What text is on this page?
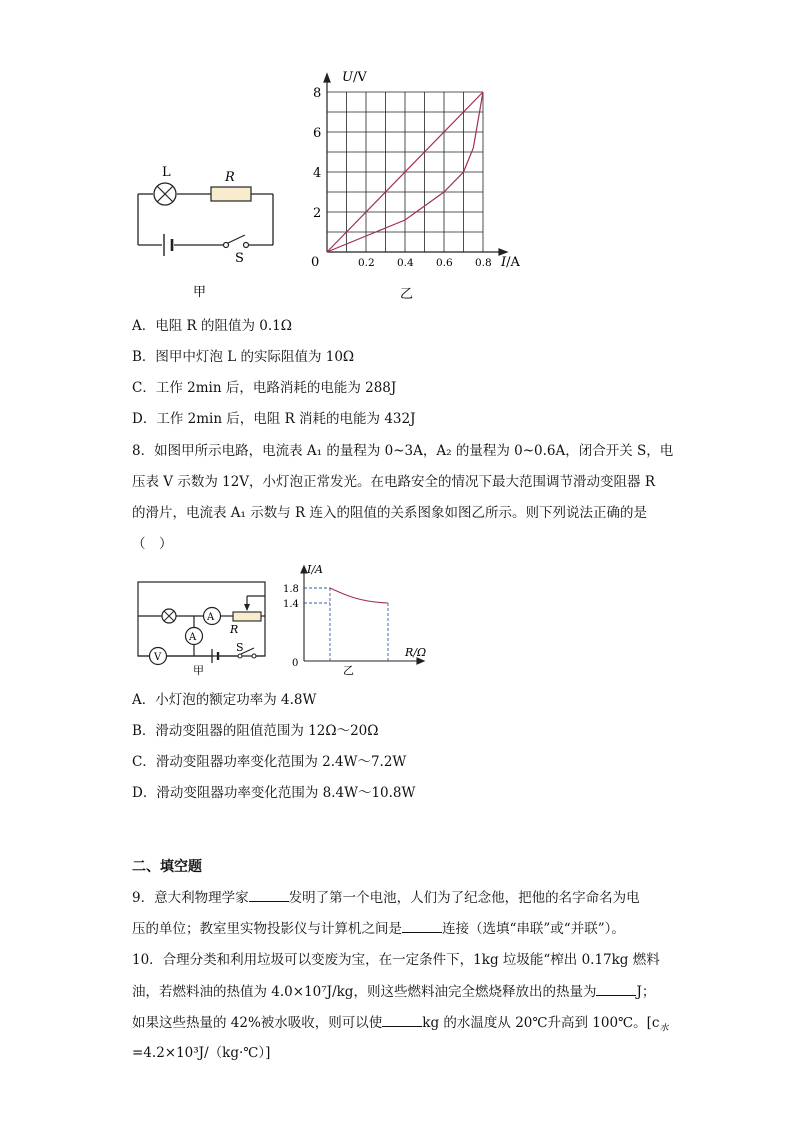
L	R
S
甲
2
4
6
8
0.2 0.4 0.6 0.8
U/V
I/A
0
乙
A．电阻 R 的阻值为 0.1Ω
B．图甲中灯泡 L 的实际阻值为 10Ω
C．工作 2min 后，电路消耗的电能为 288J
D．工作 2min 后，电阻 R 消耗的电能为 432J
8．如图甲所示电路，电流表 A₁ 的量程为 0~3A，A₂ 的量程为 0~0.6A，闭合开关 S，电
压表 V 示数为 12V，小灯泡正常发光。在电路安全的情况下最大范围调节滑动变阻器 R
的滑片，电流表 A₁ 示数与 R 连入的阻值的关系图象如图乙所示。则下列说法正确的是
（　）
A
A
V
R
S
甲
I/A
1.8
1.4
0
R/Ω
乙
A．小灯泡的额定功率为 4.8W
B．滑动变阻器的阻值范围为 12Ω～20Ω
C．滑动变阻器功率变化范围为 2.4W～7.2W
D．滑动变阻器功率变化范围为 8.4W～10.8W
二、填空题
9．意大利物理学家	发明了第一个电池，人们为了纪念他，把他的名字命名为电
压的单位；教室里实物投影仪与计算机之间是	连接（选填“串联”或“并联”）。
10．合理分类和利用垃圾可以变废为宝，在一定条件下，1kg 垃圾能“榨出 0.17kg 燃料
油，若燃料油的热值为 4.0×10⁷J/kg，则这些燃料油完全燃烧释放出的热量为	J；
如果这些热量的 42%被水吸收，则可以使	kg 的水温度从 20℃升高到 100℃。[$c_水$
=4.2×10³J/（kg·℃）]
